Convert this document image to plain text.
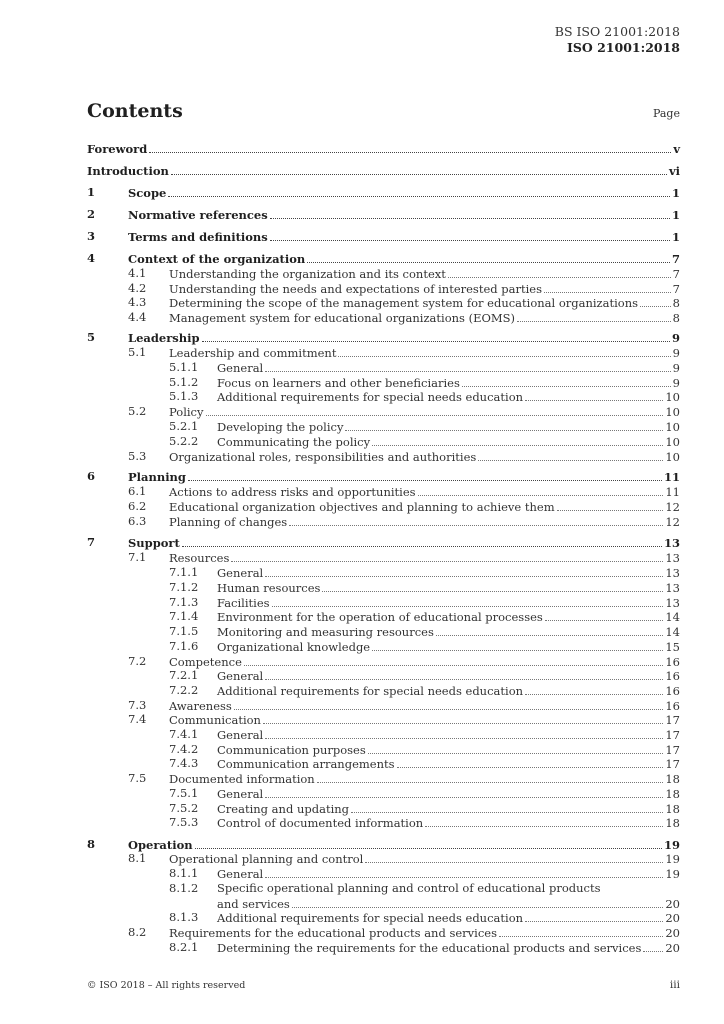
BS ISO 21001:2018
ISO 21001:2018
Contents	Page
Foreword	v
Introduction	vi
1	Scope	1
2	Normative references	1
3	Terms and definitions	1
4	Context of the organization	7
4.1 Understanding the organization and its context	7
4.2 Understanding the needs and expectations of interested parties	7
4.3 Determining the scope of the management system for educational organizations	8
4.4 Management system for educational organizations (EOMS)	8
5	Leadership	9
5.1 Leadership and commitment	9
5.1.1 General	9
5.1.2 Focus on learners and other beneficiaries	9
5.1.3 Additional requirements for special needs education	10
5.2 Policy	10
5.2.1 Developing the policy	10
5.2.2 Communicating the policy	10
5.3 Organizational roles, responsibilities and authorities	10
6	Planning	11
6.1 Actions to address risks and opportunities	11
6.2 Educational organization objectives and planning to achieve them	12
6.3 Planning of changes	12
7	Support	13
7.1 Resources	13
7.1.1 General	13
7.1.2 Human resources	13
7.1.3 Facilities	13
7.1.4 Environment for the operation of educational processes	14
7.1.5 Monitoring and measuring resources	14
7.1.6 Organizational knowledge	15
7.2 Competence	16
7.2.1 General	16
7.2.2 Additional requirements for special needs education	16
7.3 Awareness	16
7.4 Communication	17
7.4.1 General	17
7.4.2 Communication purposes	17
7.4.3 Communication arrangements	17
7.5 Documented information	18
7.5.1 General	18
7.5.2 Creating and updating	18
7.5.3 Control of documented information	18
8	Operation	19
8.1 Operational planning and control	19
8.1.1 General	19
8.1.2 Specific operational planning and control of educational products
and services	20
8.1.3 Additional requirements for special needs education	20
8.2 Requirements for the educational products and services	20
8.2.1 Determining the requirements for the educational products and services 20
© ISO 2018 – All rights reserved	iii
